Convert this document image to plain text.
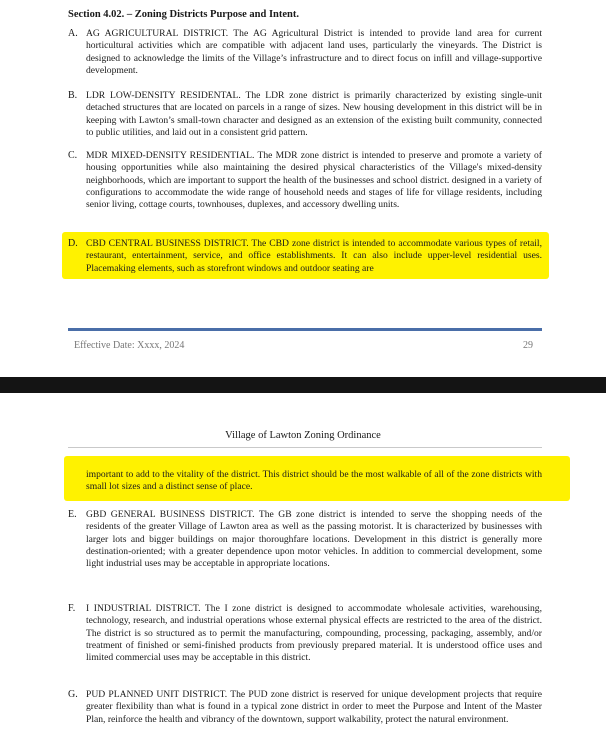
Section 4.02. – Zoning Districts Purpose and Intent.
A. AG AGRICULTURAL DISTRICT. The AG Agricultural District is intended to provide land area for current horticultural activities which are compatible with adjacent land uses, particularly the vineyards. The District is designed to acknowledge the limits of the Village’s infrastructure and to direct focus on infill and village-supportive development.
B. LDR LOW-DENSITY RESIDENTAL. The LDR zone district is primarily characterized by existing single-unit detached structures that are located on parcels in a range of sizes. New housing development in this district will be in keeping with Lawton’s small-town character and designed as an extension of the existing built community, connected to public utilities, and laid out in a consistent grid pattern.
C. MDR MIXED-DENSITY RESIDENTIAL. The MDR zone district is intended to preserve and promote a variety of housing opportunities while also maintaining the desired physical characteristics of the Village's mixed-density neighborhoods, which are important to support the health of the businesses and school district. designed in a variety of configurations to accommodate the wide range of household needs and stages of life for village residents, including senior living, cottage courts, townhouses, duplexes, and accessory dwelling units.
D. CBD CENTRAL BUSINESS DISTRICT. The CBD zone district is intended to accommodate various types of retail, restaurant, entertainment, service, and office establishments. It can also include upper-level residential uses. Placemaking elements, such as storefront windows and outdoor seating are
Effective Date: Xxxx, 2024	29
Village of Lawton Zoning Ordinance
important to add to the vitality of the district. This district should be the most walkable of all of the zone districts with small lot sizes and a distinct sense of place.
E. GBD GENERAL BUSINESS DISTRICT. The GB zone district is intended to serve the shopping needs of the residents of the greater Village of Lawton area as well as the passing motorist. It is characterized by businesses with larger lots and bigger buildings on major thoroughfare locations. Development in this district is generally more destination-oriented; with a greater dependence upon motor vehicles. In addition to commercial development, some light industrial uses may be acceptable in appropriate locations.
F. I INDUSTRIAL DISTRICT. The I zone district is designed to accommodate wholesale activities, warehousing, technology, research, and industrial operations whose external physical effects are restricted to the area of the district. The district is so structured as to permit the manufacturing, compounding, processing, packaging, assembly, and/or treatment of finished or semi-finished products from previously prepared material. It is understood office uses and limited commercial uses may be acceptable in this district.
G. PUD PLANNED UNIT DISTRICT. The PUD zone district is reserved for unique development projects that require greater flexibility than what is found in a typical zone district in order to meet the Purpose and Intent of the Master Plan, reinforce the health and vibrancy of the downtown, support walkability, protect the natural environment.
